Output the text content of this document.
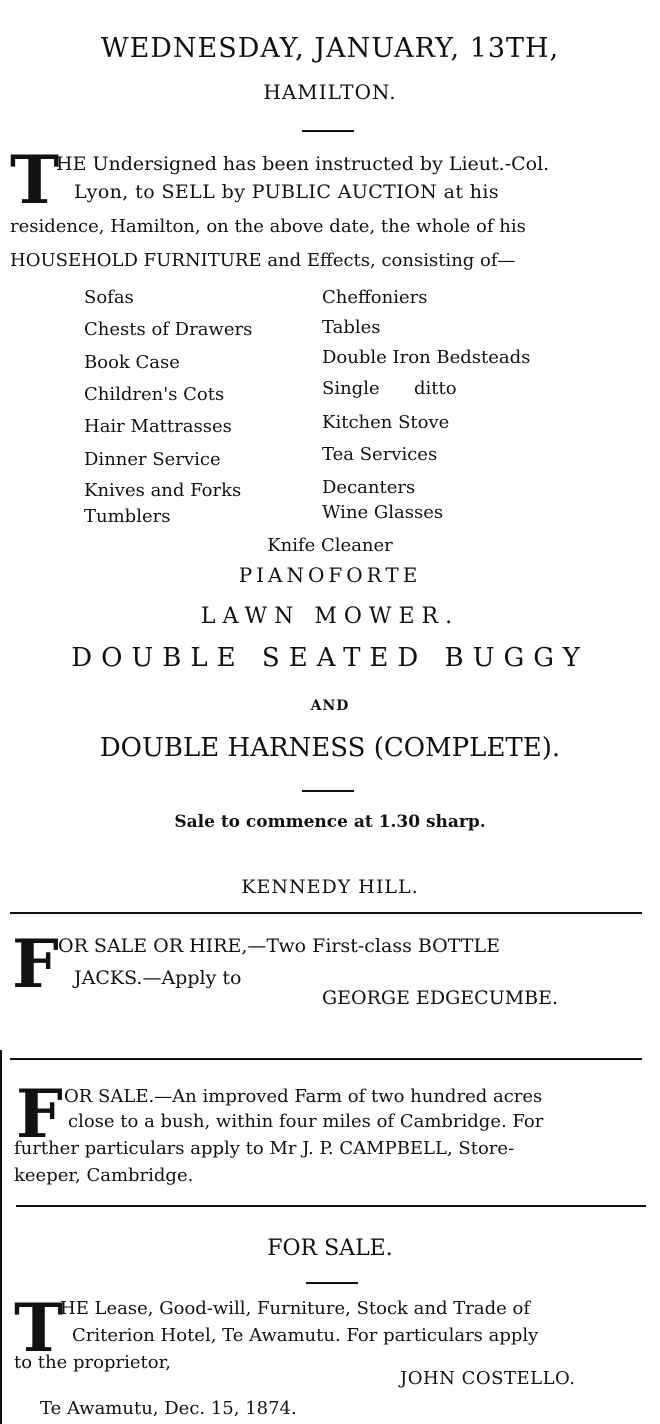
WEDNESDAY, JANUARY, 13TH,
HAMILTON.
T
HE Undersigned has been instructed by Lieut.-Col.
Lyon, to SELL by PUBLIC AUCTION at his
residence, Hamilton, on the above date, the whole of his
HOUSEHOLD FURNITURE and Effects, consisting of—
Sofas
Chests of Drawers
Book Case
Children's Cots
Hair Mattrasses
Dinner Service
Knives and Forks
Tumblers
Cheffoniers
Tables
Double Iron Bedsteads
Single      ditto
Kitchen Stove
Tea Services
Decanters
Wine Glasses
Knife Cleaner
PIANOFORTE
LAWN MOWER.
DOUBLE SEATED BUGGY
AND
DOUBLE HARNESS (COMPLETE).
Sale to commence at 1.30 sharp.
KENNEDY HILL.
F OR SALE OR HIRE,—Two First-class BOTTLE
JACKS.—Apply to
GEORGE EDGECUMBE.
F OR SALE.—An improved Farm of two hundred acres
close to a bush, within four miles of Cambridge. For
further particulars apply to Mr J. P. CAMPBELL, Store-
keeper, Cambridge.
FOR SALE.
T
HE Lease, Good-will, Furniture, Stock and Trade of
Criterion Hotel, Te Awamutu. For particulars apply
to the proprietor,
JOHN COSTELLO.
Te Awamutu, Dec. 15, 1874.
